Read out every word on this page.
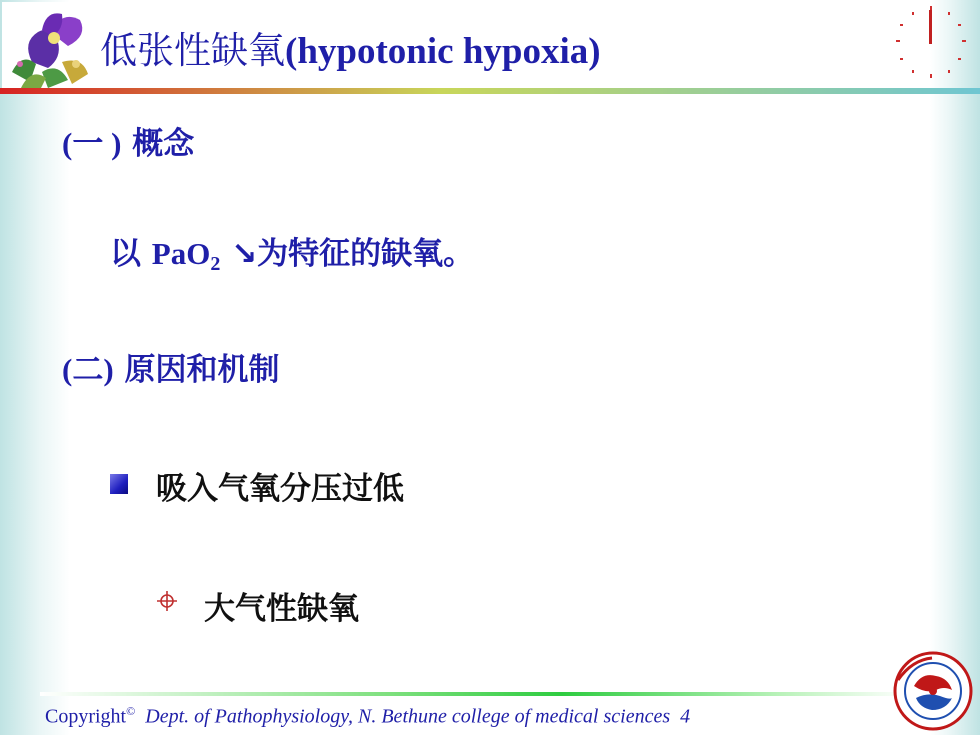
低张性缺氧(hypotonic hypoxia)
(一 ) 概念
以 PaO$_2$ ↘为特征的缺氧。
(二) 原因和机制
吸入气氧分压过低
大气性缺氧
Copyright© Dept. of Pathophysiology, N. Bethune college of medical sciences 4
